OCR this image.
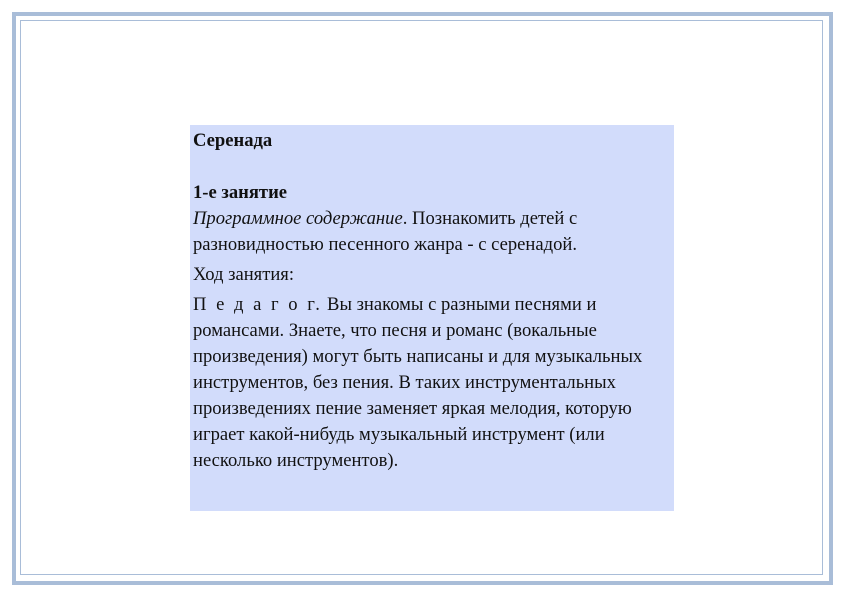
Серенада
1-е занятие

Программное содержание. Познакомить детей с разновидностью песенного жанра - с серенадой.

Ход занятия:

П е д а г о г. Вы знакомы с разными песнями и романсами. Знаете, что песня и романс (вокальные произведения) могут быть написаны и для музыкальных инструментов, без пения. В таких инструментальных произведениях пение заменяет яркая мелодия, которую играет какой-нибудь музыкальный инструмент (или несколько инструментов).
